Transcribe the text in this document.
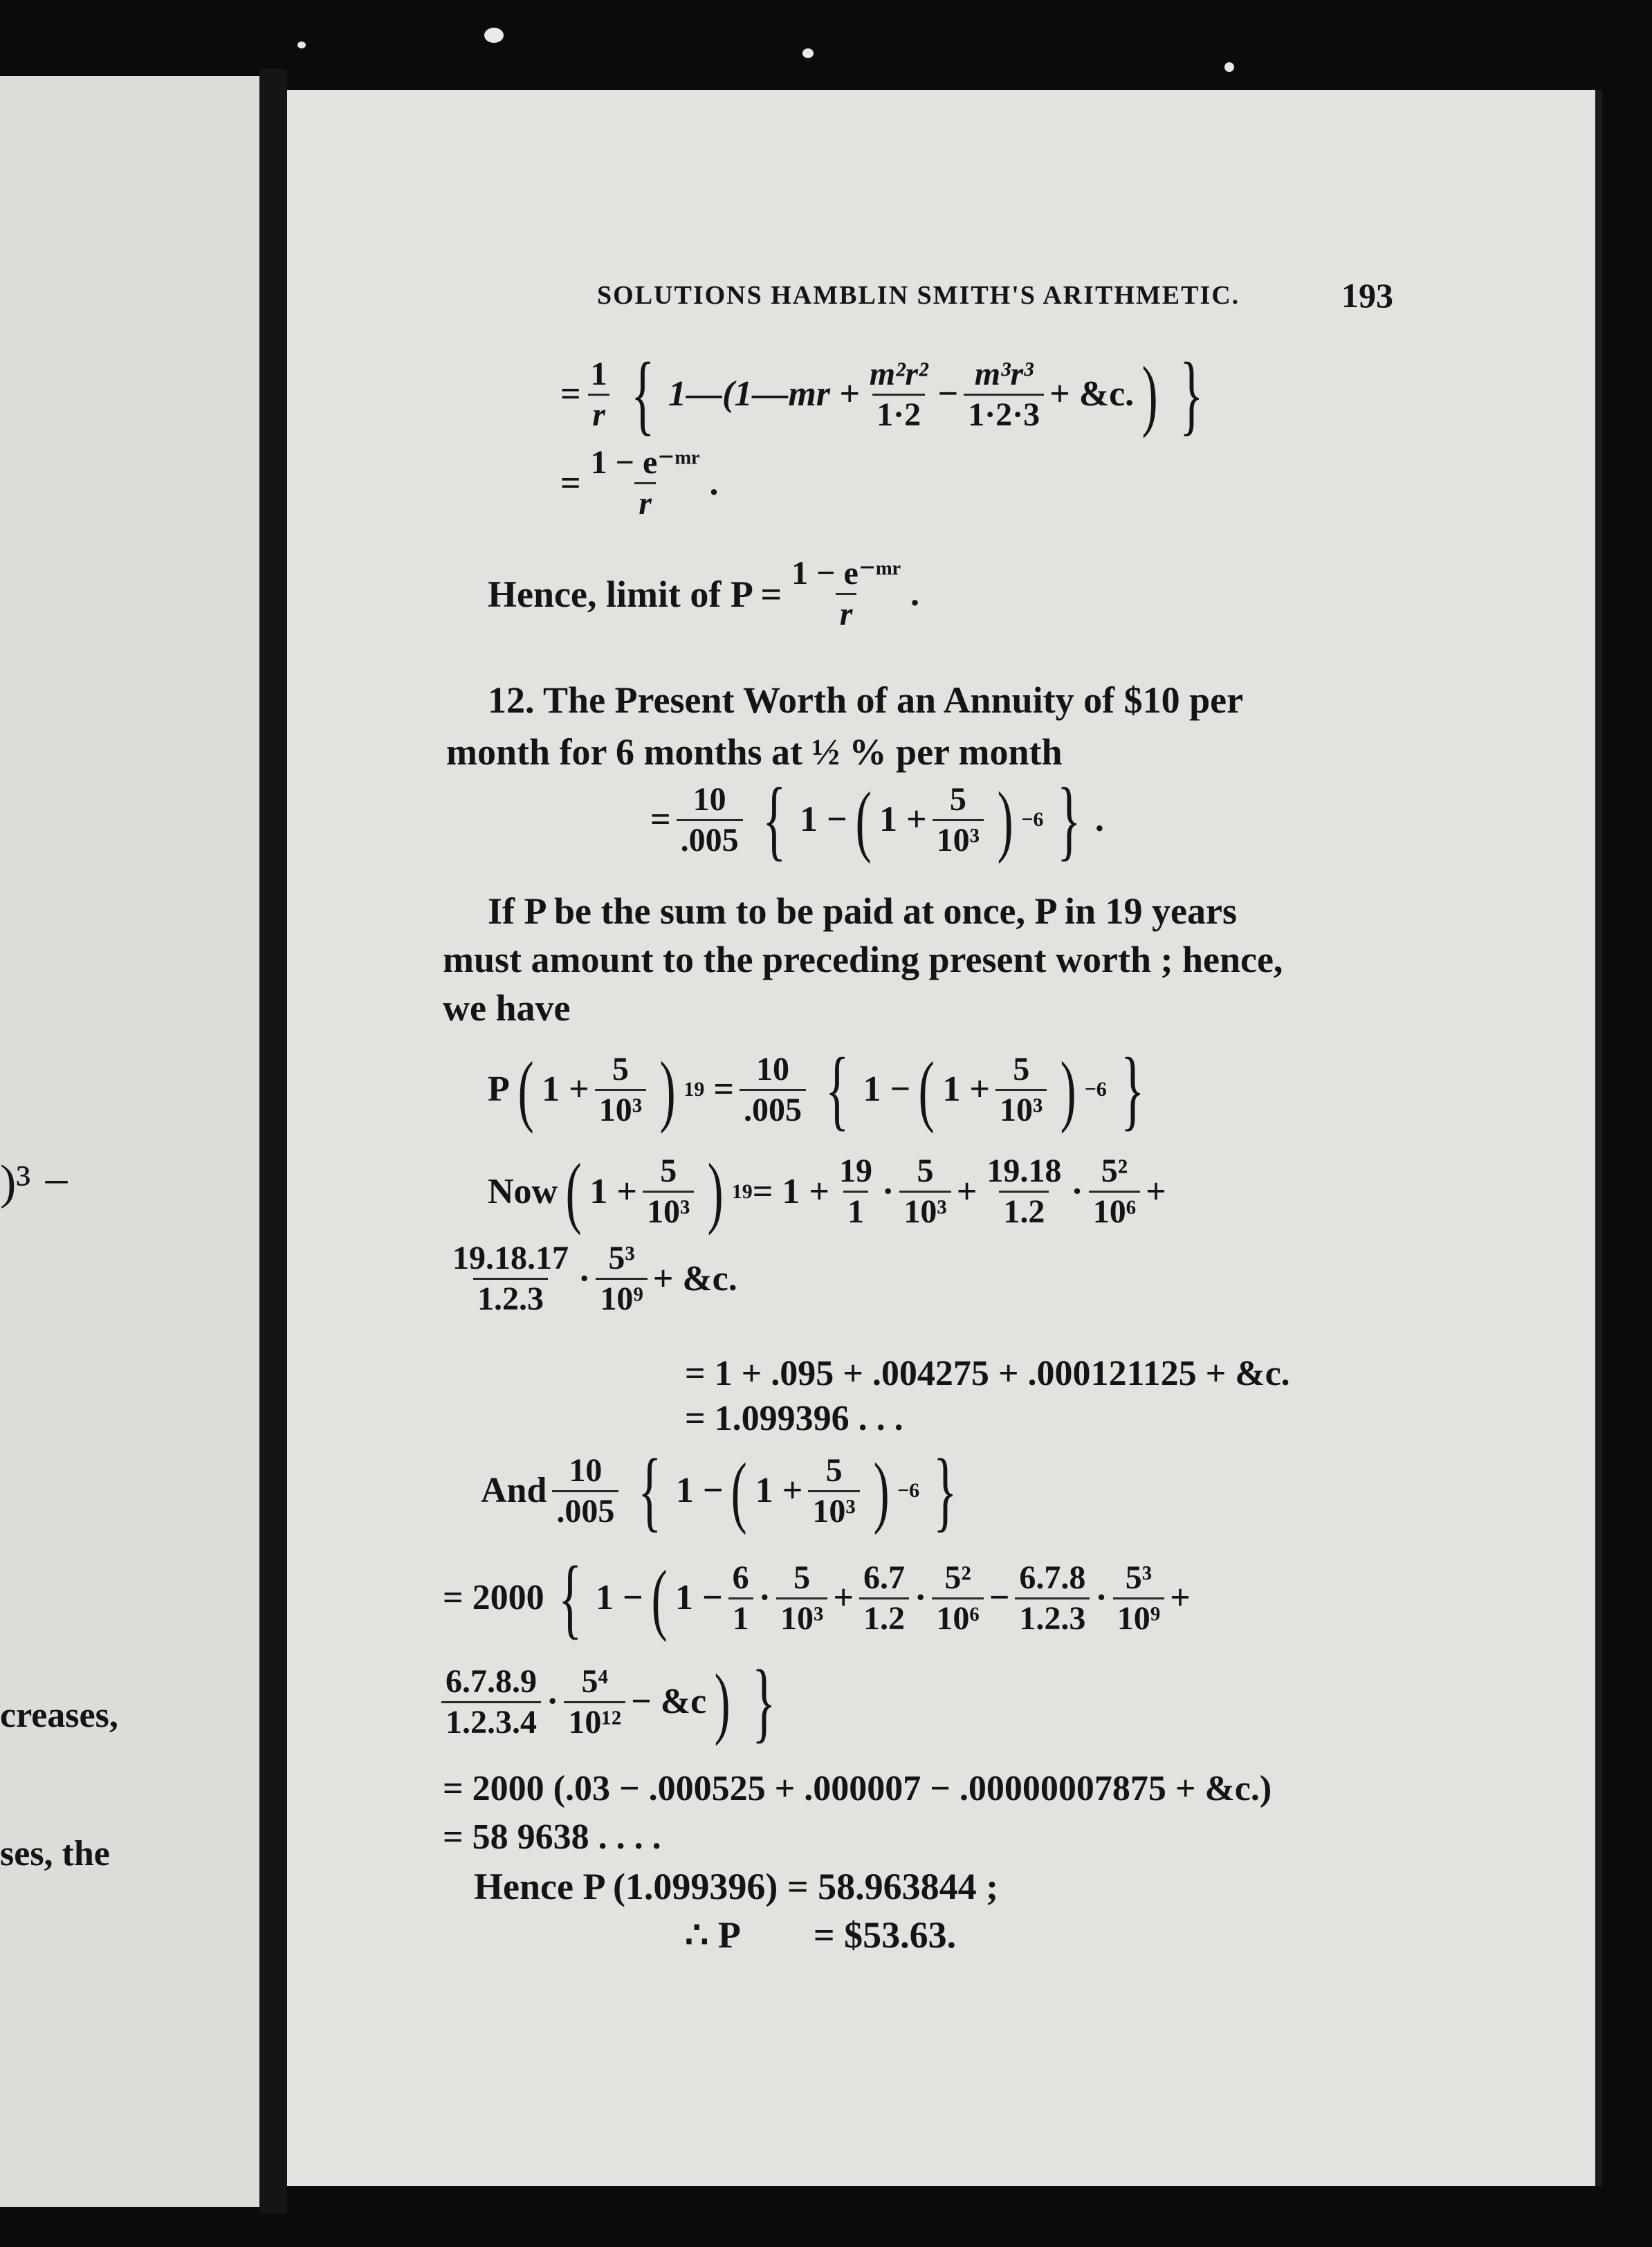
)³ −
creases,
ses, the
SOLUTIONS HAMBLIN SMITH'S ARITHMETIC.	193
= $\frac{1}{r}$ { 1—(1—mr + $\frac{\text{m²r²}}{1\cdot 2} - \frac{\text{m³r³}}{1\cdot 2\cdot 3}$ + &c. ) }
= $\frac{\text{1 − e⁻ᵐʳ}}{r}$ .
Hence, limit of $P = \frac{\text{1 − e⁻ᵐʳ}}{r}$ .
12. The Present Worth of an Annuity of $10 per
month for 6 months at ½ % per month
= $\frac{10}{.005}$ { 1 − ( $1 + \frac{5}{\text{10³}}$ ) −6 } .
If P be the sum to be paid at once, P in 19 years
must amount to the preceding present worth ; hence,
we have
P ( $1 + \frac{5}{\text{10³}}$ ) $19 = \frac{10}{.005}$ { 1 − ( $1 + \frac{5}{\text{10³}}$ ) −6 }
Now ( $1 + \frac{5}{\text{10³}}$ ) $19 = 1 + \frac{19}{1} \cdot \frac{5}{\text{10³}} + \frac{19.18}{1.2} \cdot \frac{\text{5²}}{\text{10⁶}}$ +
$\frac{19.18.17}{1.2.3} \cdot \frac{\text{5³}}{\text{10⁹}}$ + &c.
= 1 + .095 + .004275 + .000121125 + &c.
= 1.099396 . . .
And $\frac{10}{.005}$ { 1 − ( $1 + \frac{5}{\text{10³}}$ ) −6 }
= 2000 { 1 − ( $1 - \frac{6}{1} \cdot \frac{5}{\text{10³}} + \frac{6.7}{1.2} \cdot \frac{\text{5²}}{\text{10⁶}} - \frac{6.7.8}{1.2.3} \cdot \frac{\text{5³}}{\text{10⁹}}$ +
$\frac{6.7.8.9}{1.2.3.4} \cdot \frac{\text{5⁴}}{\text{10¹²}}$ − &c ) }
= 2000 (.03 − .000525 + .000007 − .00000007875 + &c.)
= 58 9638 . . . .
Hence P (1.099396) = 58.963844 ;
∴ P        = $53.63.
